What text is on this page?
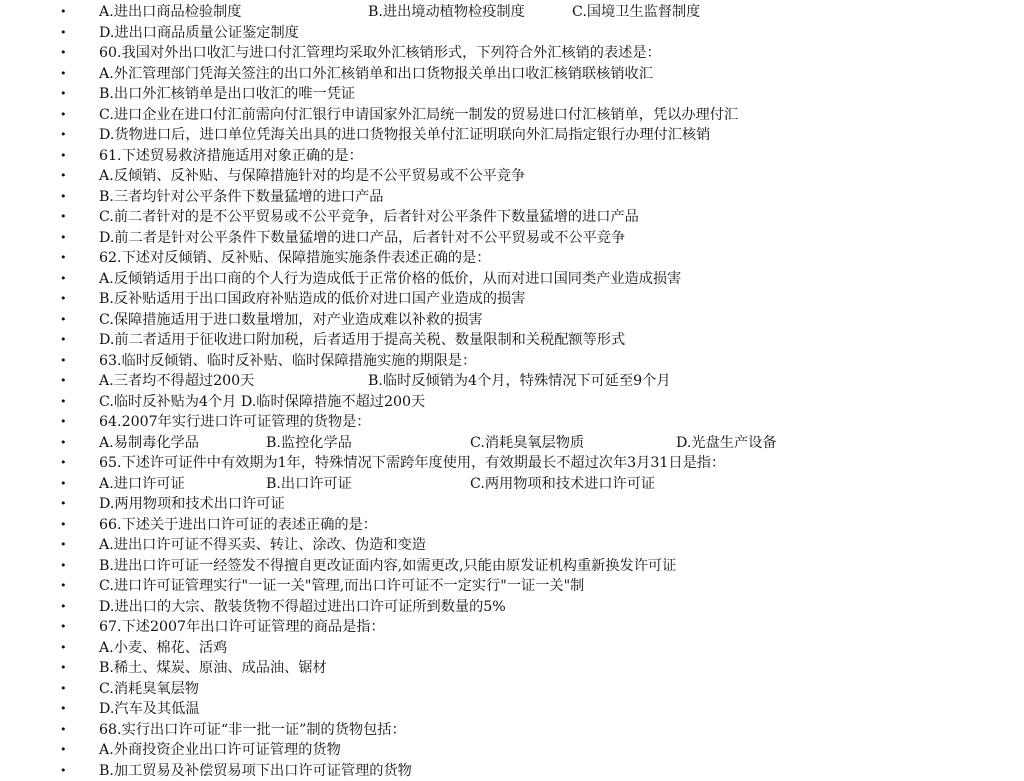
• A.进出口商品检验制度	B.进出境动植物检疫制度	C.国境卫生监督制度
• D.进出口商品质量公证鉴定制度
• 60.我国对外出口收汇与进口付汇管理均采取外汇核销形式，下列符合外汇核销的表述是：
• A.外汇管理部门凭海关签注的出口外汇核销单和出口货物报关单出口收汇核销联核销收汇
• B.出口外汇核销单是出口收汇的唯一凭证
• C.进口企业在进口付汇前需向付汇银行申请国家外汇局统一制发的贸易进口付汇核销单，凭以办理付汇
• D.货物进口后，进口单位凭海关出具的进口货物报关单付汇证明联向外汇局指定银行办理付汇核销
• 61.下述贸易救济措施适用对象正确的是：
• A.反倾销、反补贴、与保障措施针对的均是不公平贸易或不公平竞争
• B.三者均针对公平条件下数量猛增的进口产品
• C.前二者针对的是不公平贸易或不公平竞争，后者针对公平条件下数量猛增的进口产品
• D.前二者是针对公平条件下数量猛增的进口产品，后者针对不公平贸易或不公平竞争
• 62.下述对反倾销、反补贴、保障措施实施条件表述正确的是：
• A.反倾销适用于出口商的个人行为造成低于正常价格的低价，从而对进口国同类产业造成损害
• B.反补贴适用于出口国政府补贴造成的低价对进口国产业造成的损害
• C.保障措施适用于进口数量增加，对产业造成难以补救的损害
• D.前二者适用于征收进口附加税，后者适用于提高关税、数量限制和关税配额等形式
• 63.临时反倾销、临时反补贴、临时保障措施实施的期限是：
• A.三者均不得超过200天	B.临时反倾销为4个月，特殊情况下可延至9个月
• C.临时反补贴为4个月 D.临时保障措施不超过200天
• 64.2007年实行进口许可证管理的货物是：
• A.易制毒化学品	B.监控化学品	C.消耗臭氧层物质	D.光盘生产设备
• 65.下述许可证件中有效期为1年，特殊情况下需跨年度使用，有效期最长不超过次年3月31日是指：
• A.进口许可证	B.出口许可证	C.两用物项和技术进口许可证
• D.两用物项和技术出口许可证
• 66.下述关于进出口许可证的表述正确的是：
• A.进出口许可证不得买卖、转让、涂改、伪造和变造
• B.进出口许可证一经签发不得擅自更改证面内容,如需更改,只能由原发证机构重新换发许可证
• C.进口许可证管理实行"一证一关"管理,而出口许可证不一定实行"一证一关"制
• D.进出口的大宗、散装货物不得超过进出口许可证所到数量的5%
• 67.下述2007年出口许可证管理的商品是指：
• A.小麦、棉花、活鸡
• B.稀土、煤炭、原油、成品油、锯材
• C.消耗臭氧层物
• D.汽车及其低温
• 68.实行出口许可证“非一批一证”制的货物包括：
• A.外商投资企业出口许可证管理的货物
• B.加工贸易及补偿贸易项下出口许可证管理的货物
